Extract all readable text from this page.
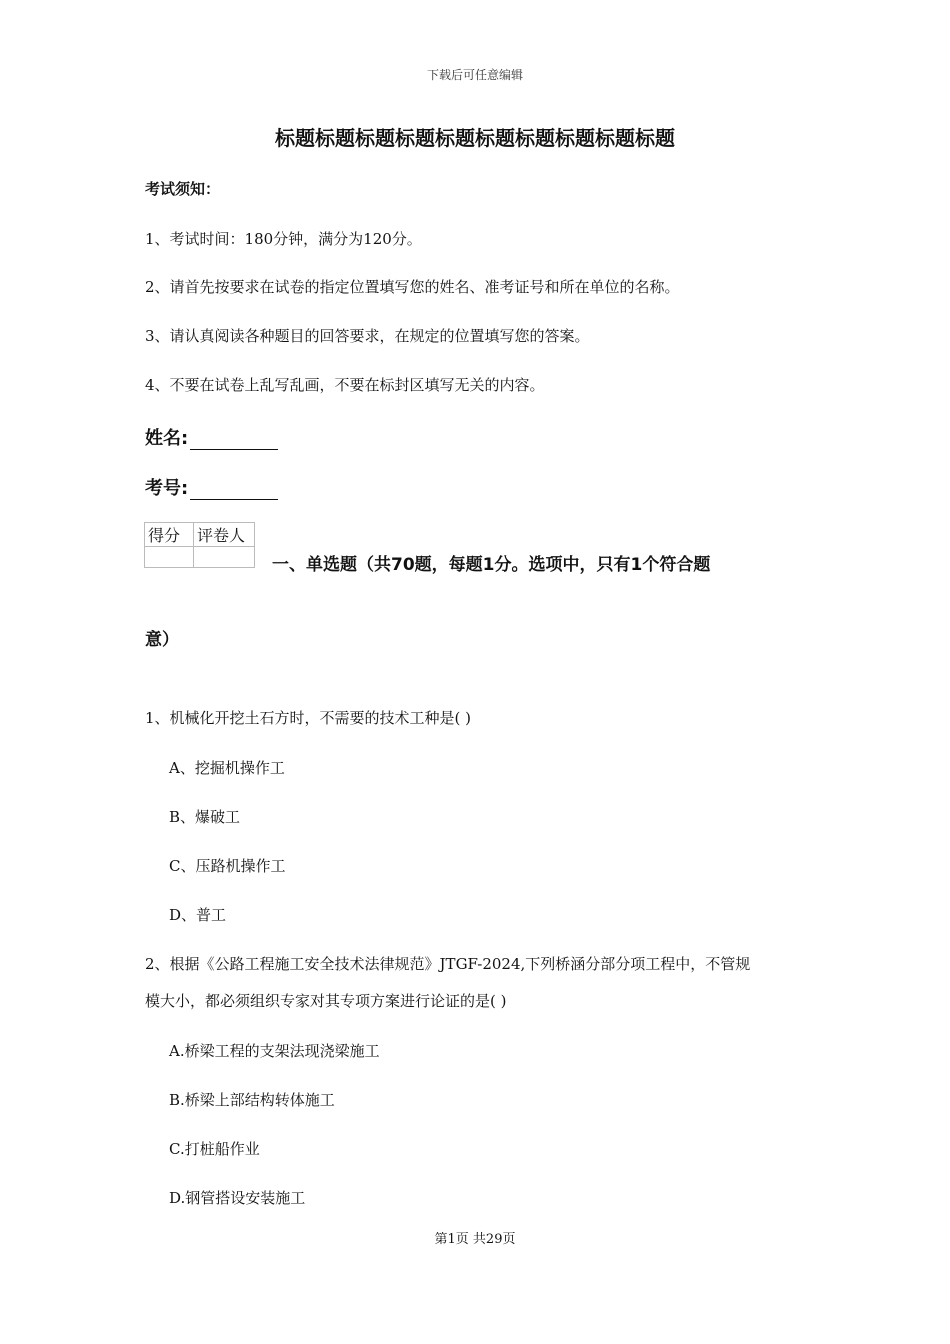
下载后可任意编辑
标题标题标题标题标题标题标题标题标题标题
考试须知：
1、考试时间：180分钟，满分为120分。
2、请首先按要求在试卷的指定位置填写您的姓名、准考证号和所在单位的名称。
3、请认真阅读各种题目的回答要求，在规定的位置填写您的答案。
4、不要在试卷上乱写乱画，不要在标封区填写无关的内容。
姓名:
考号:
得分	评卷人

一、单选题（共70题，每题1分。选项中，只有1个符合题
意）
1、机械化开挖土石方时，不需要的技术工种是( )
A、挖掘机操作工
B、爆破工
C、压路机操作工
D、普工
2、根据《公路工程施工安全技术法律规范》JTGF-2024,下列桥涵分部分项工程中，不管规
模大小，都必须组织专家对其专项方案进行论证的是( )
A.桥梁工程的支架法现浇梁施工
B.桥梁上部结构转体施工
C.打桩船作业
D.钢管搭设安装施工
第1页 共29页
